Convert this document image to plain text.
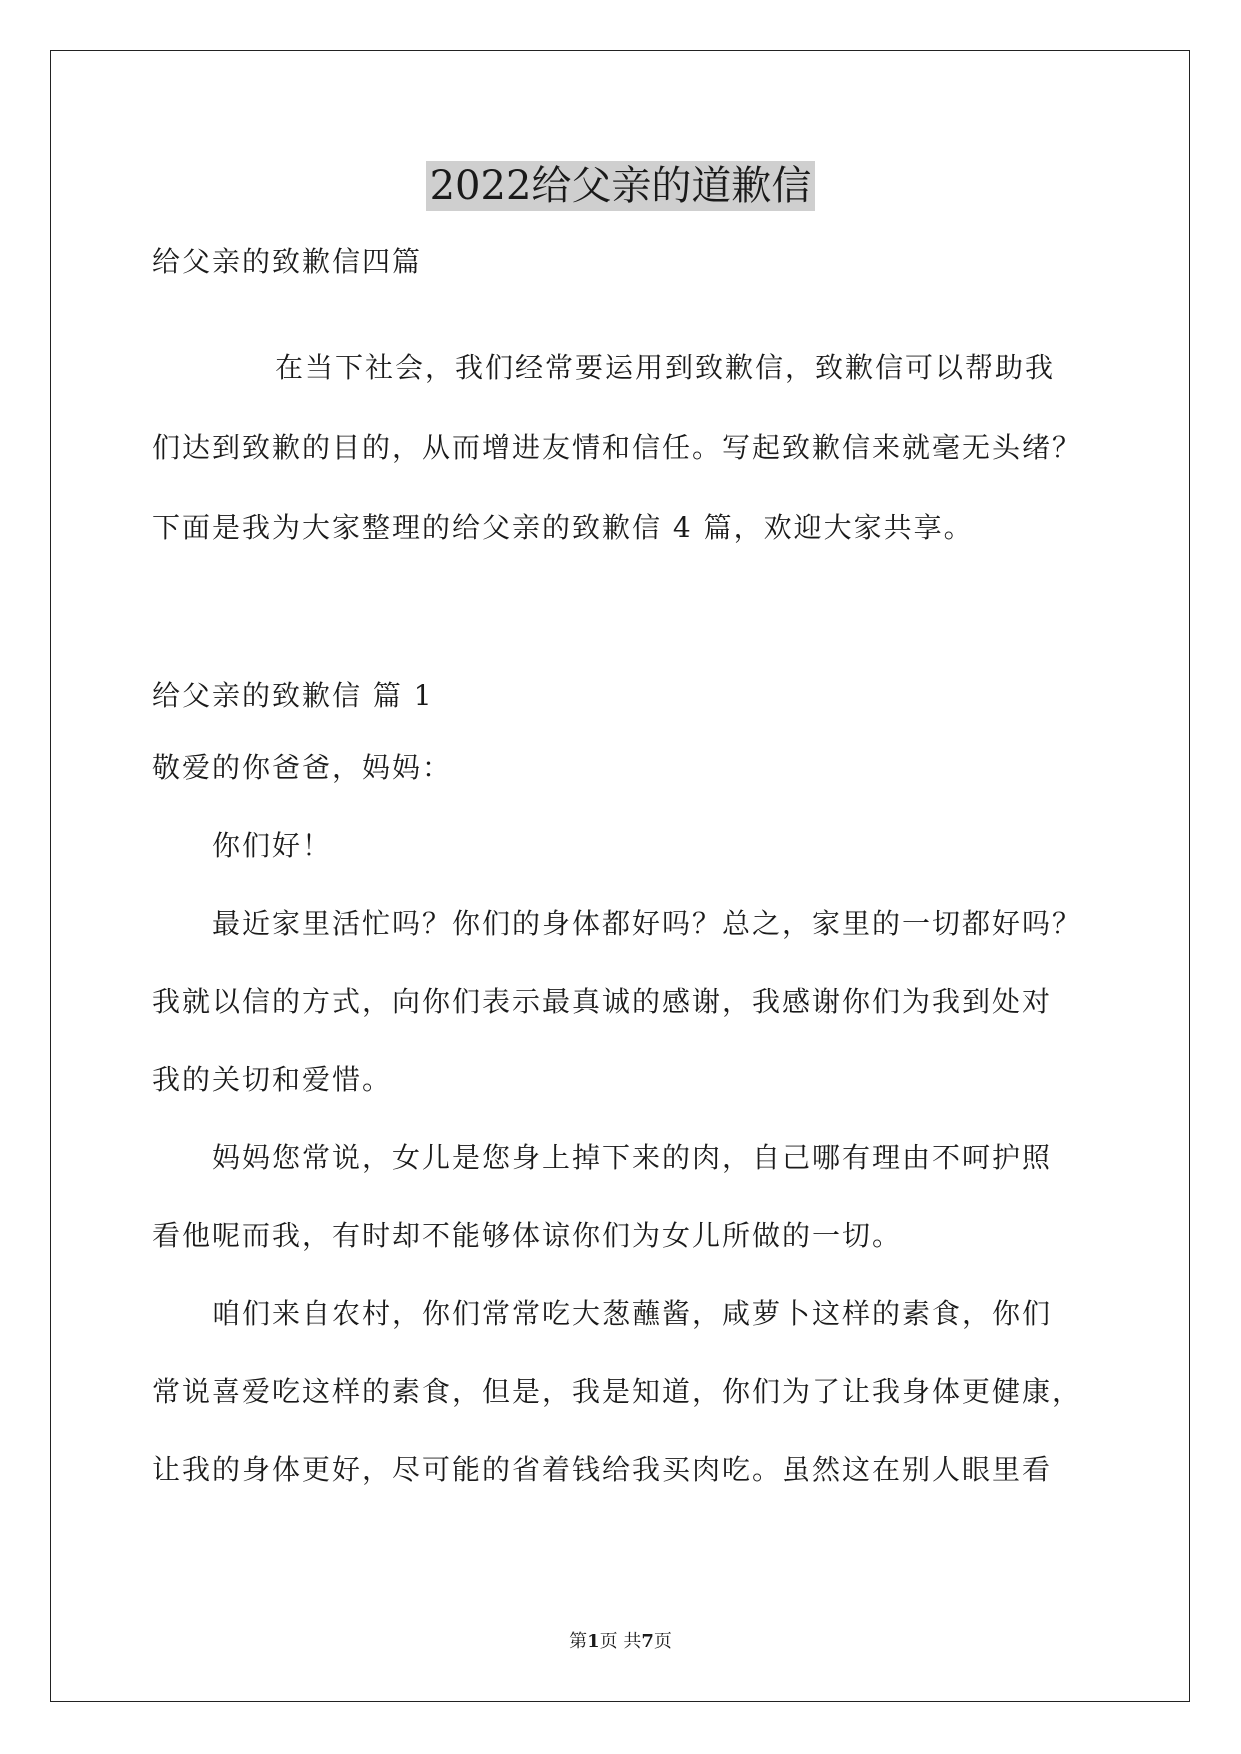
2022给父亲的道歉信
给父亲的致歉信四篇
在当下社会，我们经常要运用到致歉信，致歉信可以帮助我
们达到致歉的目的，从而增进友情和信任。写起致歉信来就毫无头绪？
下面是我为大家整理的给父亲的致歉信 4 篇，欢迎大家共享。
给父亲的致歉信 篇 1
敬爱的你爸爸，妈妈：
你们好！
最近家里活忙吗？你们的身体都好吗？总之，家里的一切都好吗？
我就以信的方式，向你们表示最真诚的感谢，我感谢你们为我到处对
我的关切和爱惜。
妈妈您常说，女儿是您身上掉下来的肉，自己哪有理由不呵护照
看他呢而我，有时却不能够体谅你们为女儿所做的一切。
咱们来自农村，你们常常吃大葱蘸酱，咸萝卜这样的素食，你们
常说喜爱吃这样的素食，但是，我是知道，你们为了让我身体更健康，
让我的身体更好，尽可能的省着钱给我买肉吃。虽然这在别人眼里看
第1页 共7页
